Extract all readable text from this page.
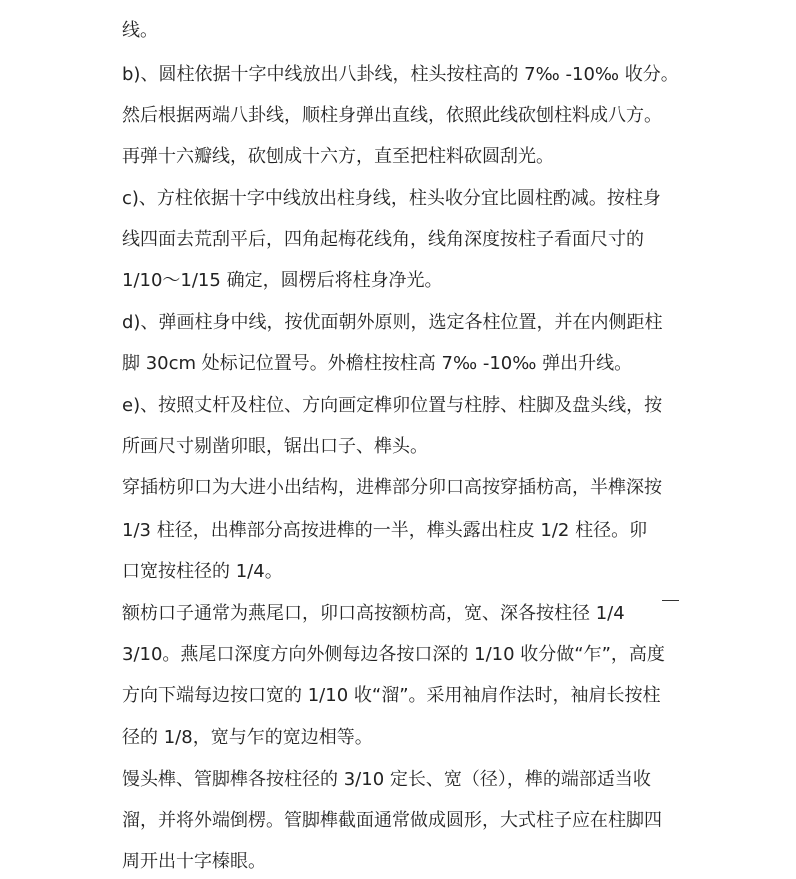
线。
b)、圆柱依据十字中线放出八卦线，柱头按柱高的 7‰ -10‰ 收分。
然后根据两端八卦线，顺柱身弹出直线，依照此线砍刨柱料成八方。
再弹十六瓣线，砍刨成十六方，直至把柱料砍圆刮光。
c)、方柱依据十字中线放出柱身线，柱头收分宜比圆柱酌减。按柱身
线四面去荒刮平后，四角起梅花线角，线角深度按柱子看面尺寸的
1/10～1/15 确定，圆楞后将柱身净光。
d)、弹画柱身中线，按优面朝外原则，选定各柱位置，并在内侧距柱
脚 30cm 处标记位置号。外檐柱按柱高 7‰ -10‰ 弹出升线。
e)、按照丈杆及柱位、方向画定榫卯位置与柱脖、柱脚及盘头线，按
所画尺寸剔凿卯眼，锯出口子、榫头。
穿插枋卯口为大进小出结构，进榫部分卯口高按穿插枋高，半榫深按
1/3 柱径，出榫部分高按进榫的一半，榫头露出柱皮 1/2 柱径。卯
口宽按柱径的 1/4。
额枋口子通常为燕尾口，卯口高按额枋高，宽、深各按柱径 1/4
3/10。燕尾口深度方向外侧每边各按口深的 1/10 收分做“乍”，高度
方向下端每边按口宽的 1/10 收“溜”。采用袖肩作法时，袖肩长按柱
径的 1/8，宽与乍的宽边相等。
馒头榫、管脚榫各按柱径的 3/10 定长、宽（径），榫的端部适当收
溜，并将外端倒楞。管脚榫截面通常做成圆形，大式柱子应在柱脚四
周开出十字榛眼。
